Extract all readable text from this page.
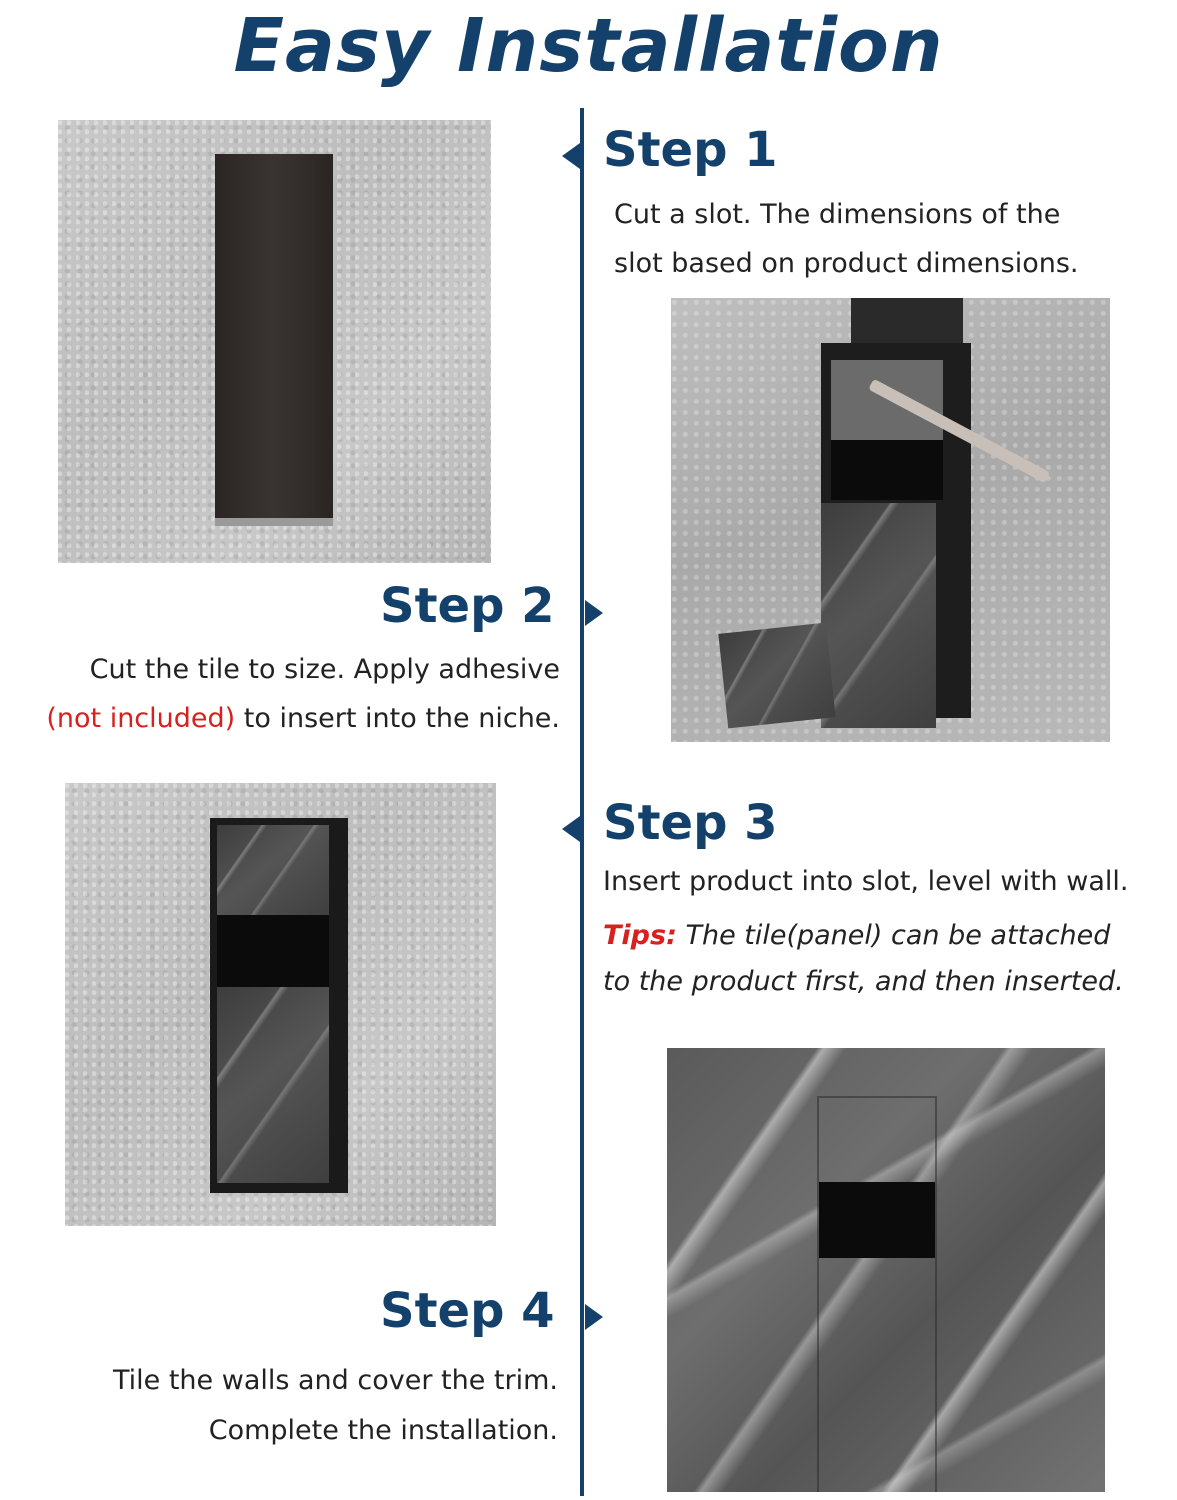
Easy Installation
Step 1
Cut a slot. The dimensions of the
slot based on product dimensions.
Step 2
Cut the tile to size. Apply adhesive
(not included) to insert into the niche.
Step 3
Insert product into slot, level with wall.
Tips: The tile(panel) can be attached
to the product first, and then inserted.
Step 4
Tile the walls and cover the trim.
Complete the installation.
